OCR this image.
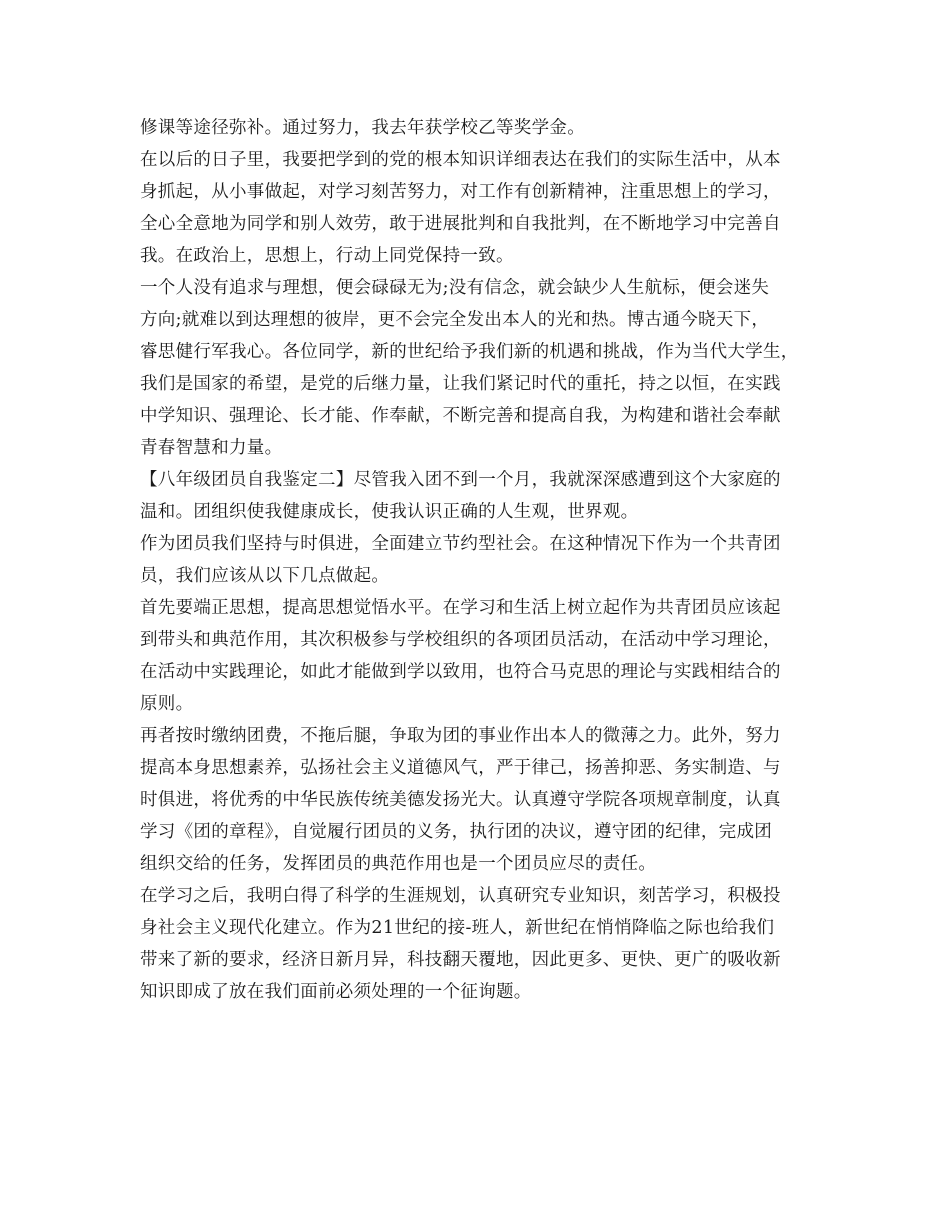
修课等途径弥补。通过努力，我去年获学校乙等奖学金。
在以后的日子里，我要把学到的党的根本知识详细表达在我们的实际生活中，从本
身抓起，从小事做起，对学习刻苦努力，对工作有创新精神，注重思想上的学习，
全心全意地为同学和别人效劳，敢于进展批判和自我批判，在不断地学习中完善自
我。在政治上，思想上，行动上同党保持一致。
一个人没有追求与理想，便会碌碌无为;没有信念，就会缺少人生航标，便会迷失
方向;就难以到达理想的彼岸，更不会完全发出本人的光和热。博古通今晓天下，
睿思健行军我心。各位同学，新的世纪给予我们新的机遇和挑战，作为当代大学生，
我们是国家的希望，是党的后继力量，让我们紧记时代的重托，持之以恒，在实践
中学知识、强理论、长才能、作奉献，不断完善和提高自我，为构建和谐社会奉献
青春智慧和力量。
【八年级团员自我鉴定二】尽管我入团不到一个月，我就深深感遭到这个大家庭的
温和。团组织使我健康成长，使我认识正确的人生观，世界观。
作为团员我们坚持与时俱进，全面建立节约型社会。在这种情况下作为一个共青团
员，我们应该从以下几点做起。
首先要端正思想，提高思想觉悟水平。在学习和生活上树立起作为共青团员应该起
到带头和典范作用，其次积极参与学校组织的各项团员活动，在活动中学习理论，
在活动中实践理论，如此才能做到学以致用，也符合马克思的理论与实践相结合的
原则。
再者按时缴纳团费，不拖后腿，争取为团的事业作出本人的微薄之力。此外，努力
提高本身思想素养，弘扬社会主义道德风气，严于律己，扬善抑恶、务实制造、与
时俱进，将优秀的中华民族传统美德发扬光大。认真遵守学院各项规章制度，认真
学习《团的章程》，自觉履行团员的义务，执行团的决议，遵守团的纪律，完成团
组织交给的任务，发挥团员的典范作用也是一个团员应尽的责任。
在学习之后，我明白得了科学的生涯规划，认真研究专业知识，刻苦学习，积极投
身社会主义现代化建立。作为21世纪的接-班人，新世纪在悄悄降临之际也给我们
带来了新的要求，经济日新月异，科技翻天覆地，因此更多、更快、更广的吸收新
知识即成了放在我们面前必须处理的一个征询题。
